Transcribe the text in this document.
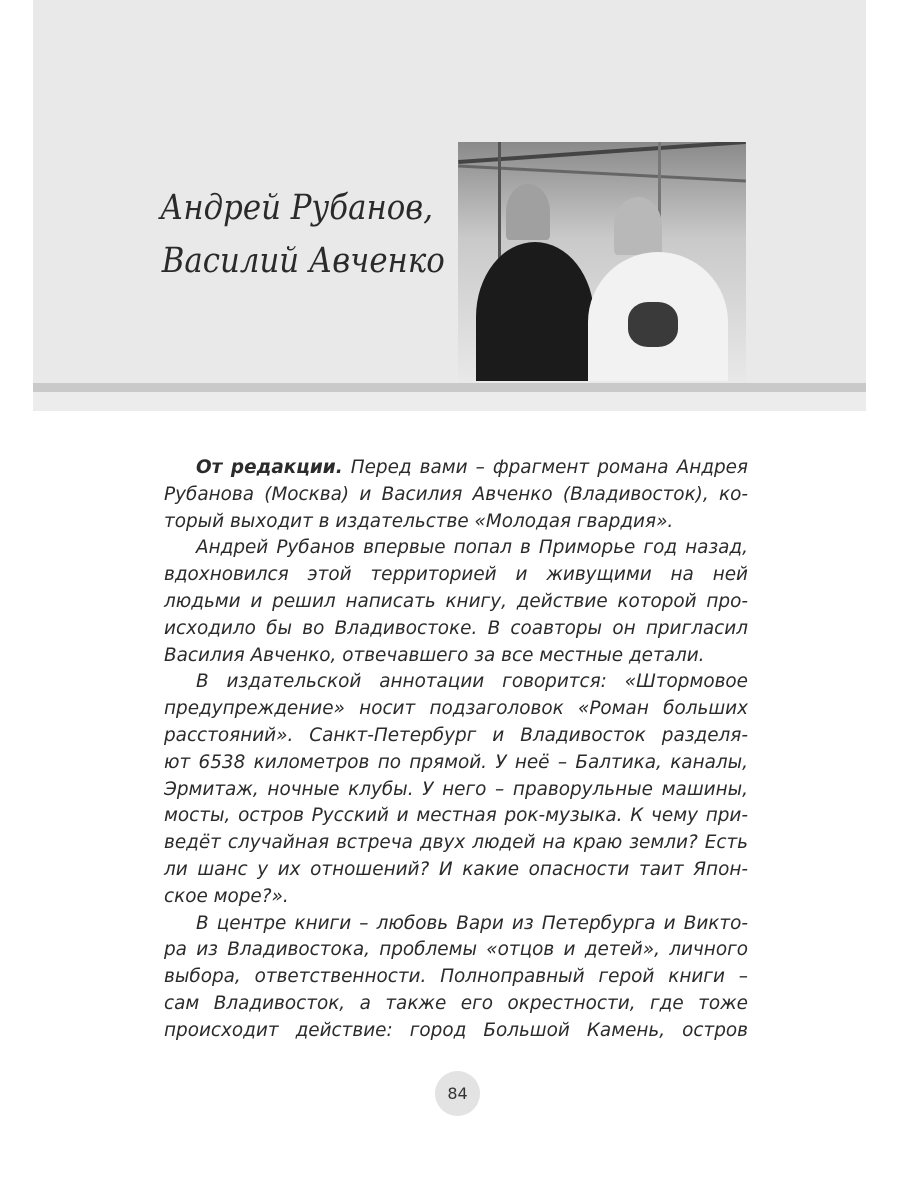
Андрей Рубанов,
Василий Авченко
От редакции. Перед вами – фрагмент романа Андрея
Рубанова (Москва) и Василия Авченко (Владивосток), ко-
торый выходит в издательстве «Молодая гвардия».
Андрей Рубанов впервые попал в Приморье год назад,
вдохновился этой территорией и живущими на ней
людьми и решил написать книгу, действие которой про-
исходило бы во Владивостоке. В соавторы он пригласил
Василия Авченко, отвечавшего за все местные детали.
В издательской аннотации говорится: «Штормовое
предупреждение» носит подзаголовок «Роман больших
расстояний». Санкт-Петербург и Владивосток разделя-
ют 6538 километров по прямой. У неё – Балтика, каналы,
Эрмитаж, ночные клубы. У него – праворульные машины,
мосты, остров Русский и местная рок-музыка. К чему при-
ведёт случайная встреча двух людей на краю земли? Есть
ли шанс у их отношений? И какие опасности таит Япон-
ское море?».
В центре книги – любовь Вари из Петербурга и Викто-
ра из Владивостока, проблемы «отцов и детей», личного
выбора, ответственности. Полноправный герой книги –
сам Владивосток, а также его окрестности, где тоже
происходит действие: город Большой Камень, остров
84
